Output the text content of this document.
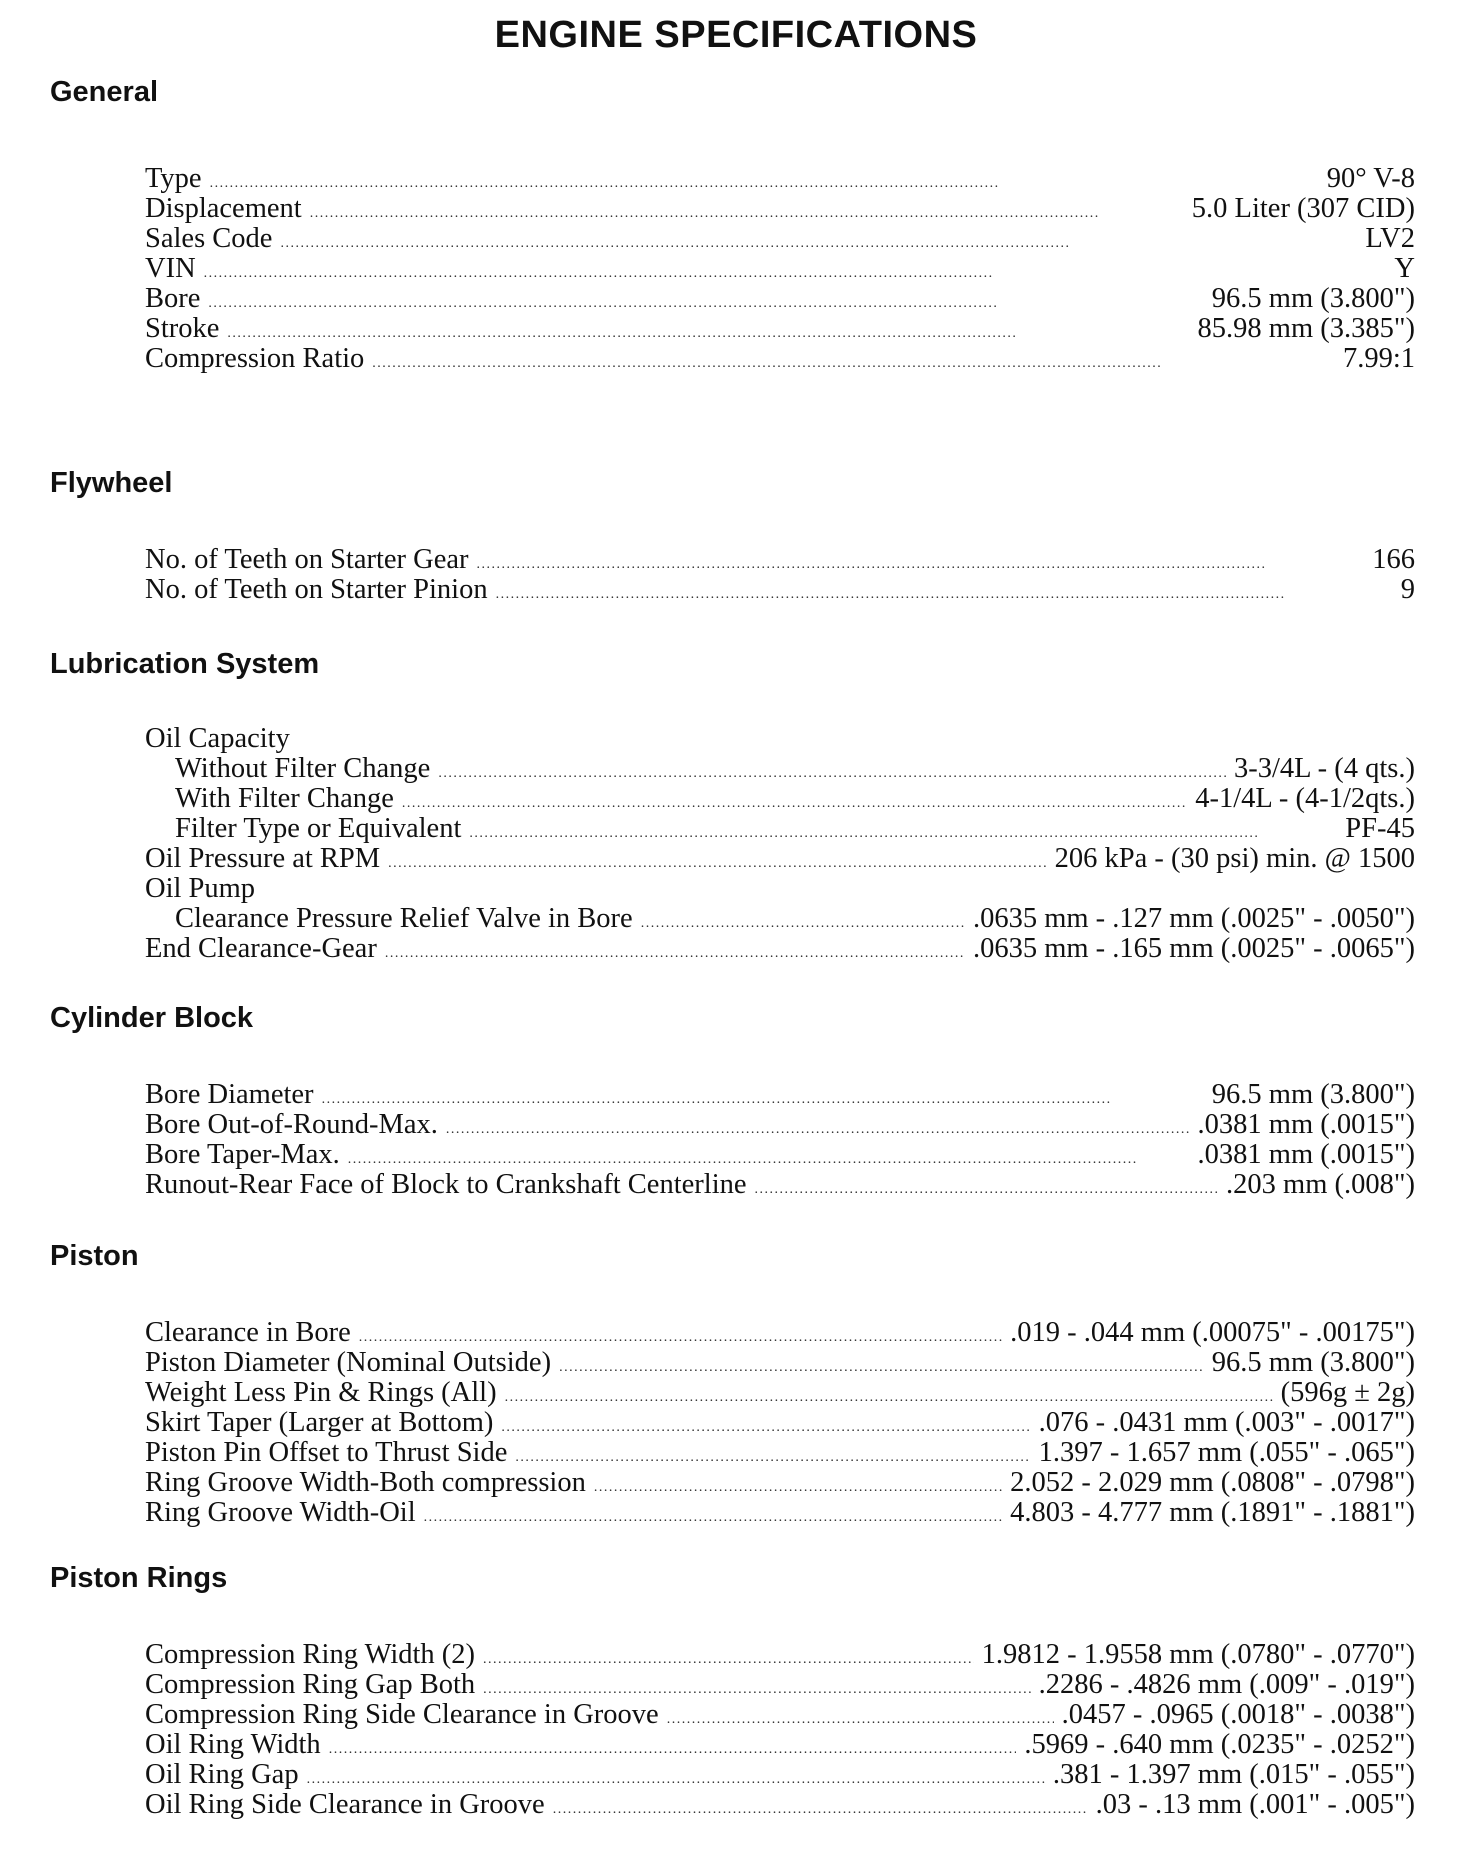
ENGINE SPECIFICATIONS
General
Type . . .	90° V-8
Displacement . . .	5.0 Liter (307 CID)
Sales Code . . .	LV2
VIN . . .	Y
Bore . . .	96.5 mm (3.800")
Stroke . . .	85.98 mm (3.385")
Compression Ratio . . .	7.99:1
Flywheel
No. of Teeth on Starter Gear . . .	166
No. of Teeth on Starter Pinion . . .	9
Lubrication System
Oil Capacity
Without Filter Change . . .	3-3/4L - (4 qts.)
With Filter Change . . .	4-1/4L - (4-1/2qts.)
Filter Type or Equivalent . . .	PF-45
Oil Pressure at RPM . . .	206 kPa - (30 psi) min. @ 1500
Oil Pump
Clearance Pressure Relief Valve in Bore . . .	.0635 mm - .127 mm (.0025" - .0050")
End Clearance-Gear . . .	.0635 mm - .165 mm (.0025" - .0065")
Cylinder Block
Bore Diameter . . .	96.5 mm (3.800")
Bore Out-of-Round-Max. . . .	.0381 mm (.0015")
Bore Taper-Max. . . .	.0381 mm (.0015")
Runout-Rear Face of Block to Crankshaft Centerline . . .	.203 mm (.008")
Piston
Clearance in Bore . . .	.019 - .044 mm (.00075" - .00175")
Piston Diameter (Nominal Outside) . . .	96.5 mm (3.800")
Weight Less Pin & Rings (All) . . .	(596g ± 2g)
Skirt Taper (Larger at Bottom) . . .	.076 - .0431 mm (.003" - .0017")
Piston Pin Offset to Thrust Side . . .	1.397 - 1.657 mm (.055" - .065")
Ring Groove Width-Both compression . . .	2.052 - 2.029 mm (.0808" - .0798")
Ring Groove Width-Oil . . .	4.803 - 4.777 mm (.1891" - .1881")
Piston Rings
Compression Ring Width (2) . . .	1.9812 - 1.9558 mm (.0780" - .0770")
Compression Ring Gap Both . . .	.2286 - .4826 mm (.009" - .019")
Compression Ring Side Clearance in Groove . . .	.0457 - .0965 (.0018" - .0038")
Oil Ring Width . . .	.5969 - .640 mm (.0235" - .0252")
Oil Ring Gap . . .	.381 - 1.397 mm (.015" - .055")
Oil Ring Side Clearance in Groove . . .	.03 - .13 mm (.001" - .005")
